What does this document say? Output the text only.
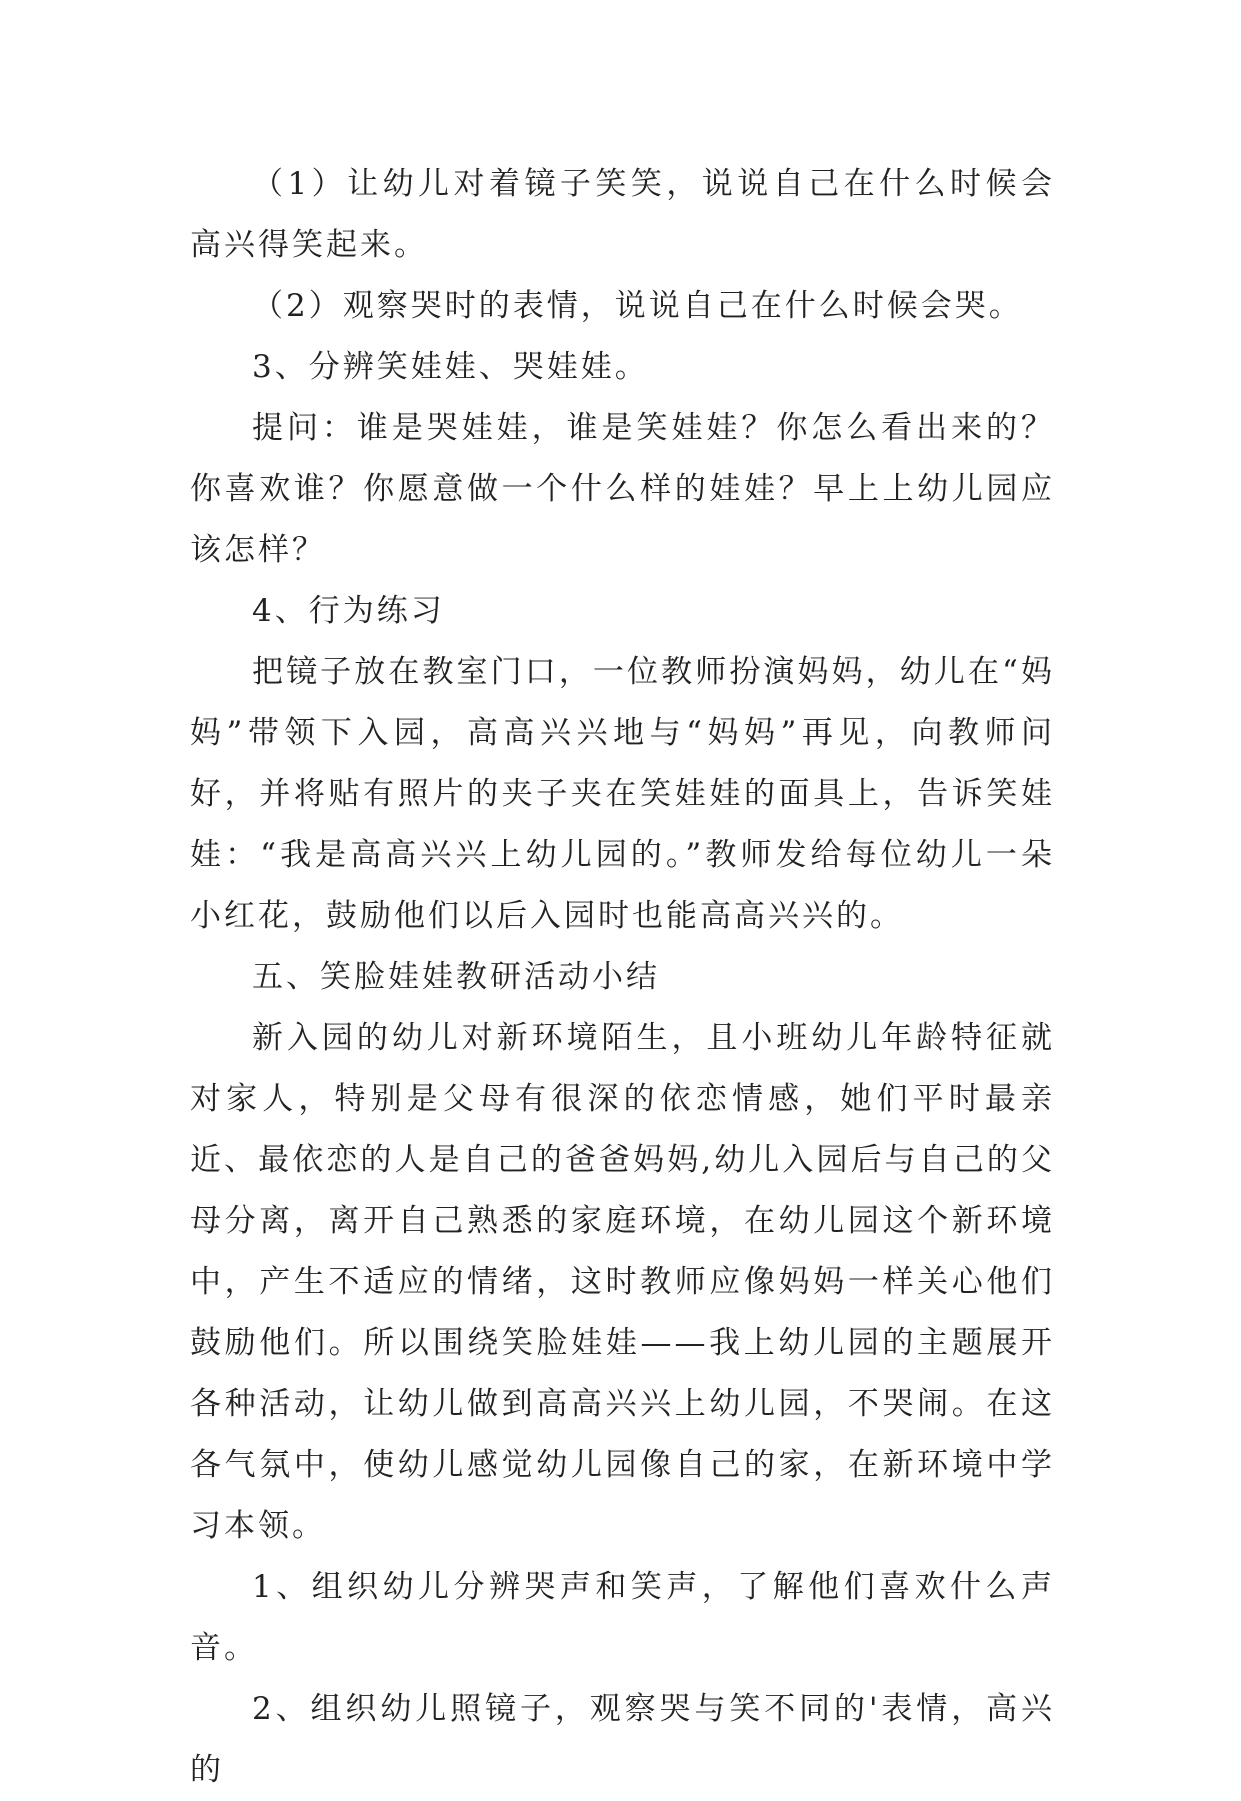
（1）让幼儿对着镜子笑笑，说说自己在什么时候会高兴得笑起来。

（2）观察哭时的表情，说说自己在什么时候会哭。

3、分辨笑娃娃、哭娃娃。

提问：谁是哭娃娃，谁是笑娃娃？你怎么看出来的？你喜欢谁？你愿意做一个什么样的娃娃？早上上幼儿园应该怎样？

4、行为练习

把镜子放在教室门口，一位教师扮演妈妈，幼儿在“妈妈”带领下入园，高高兴兴地与“妈妈”再见，向教师问好，并将贴有照片的夹子夹在笑娃娃的面具上，告诉笑娃娃：“我是高高兴兴上幼儿园的。”教师发给每位幼儿一朵小红花，鼓励他们以后入园时也能高高兴兴的。

五、笑脸娃娃教研活动小结

新入园的幼儿对新环境陌生，且小班幼儿年龄特征就对家人，特别是父母有很深的依恋情感，她们平时最亲近、最依恋的人是自己的爸爸妈妈,幼儿入园后与自己的父母分离，离开自己熟悉的家庭环境，在幼儿园这个新环境中，产生不适应的情绪，这时教师应像妈妈一样关心他们鼓励他们。所以围绕笑脸娃娃——我上幼儿园的主题展开各种活动，让幼儿做到高高兴兴上幼儿园，不哭闹。在这各气氛中，使幼儿感觉幼儿园像自己的家，在新环境中学习本领。

1、组织幼儿分辨哭声和笑声，了解他们喜欢什么声音。

2、组织幼儿照镜子，观察哭与笑不同的'表情，高兴的
